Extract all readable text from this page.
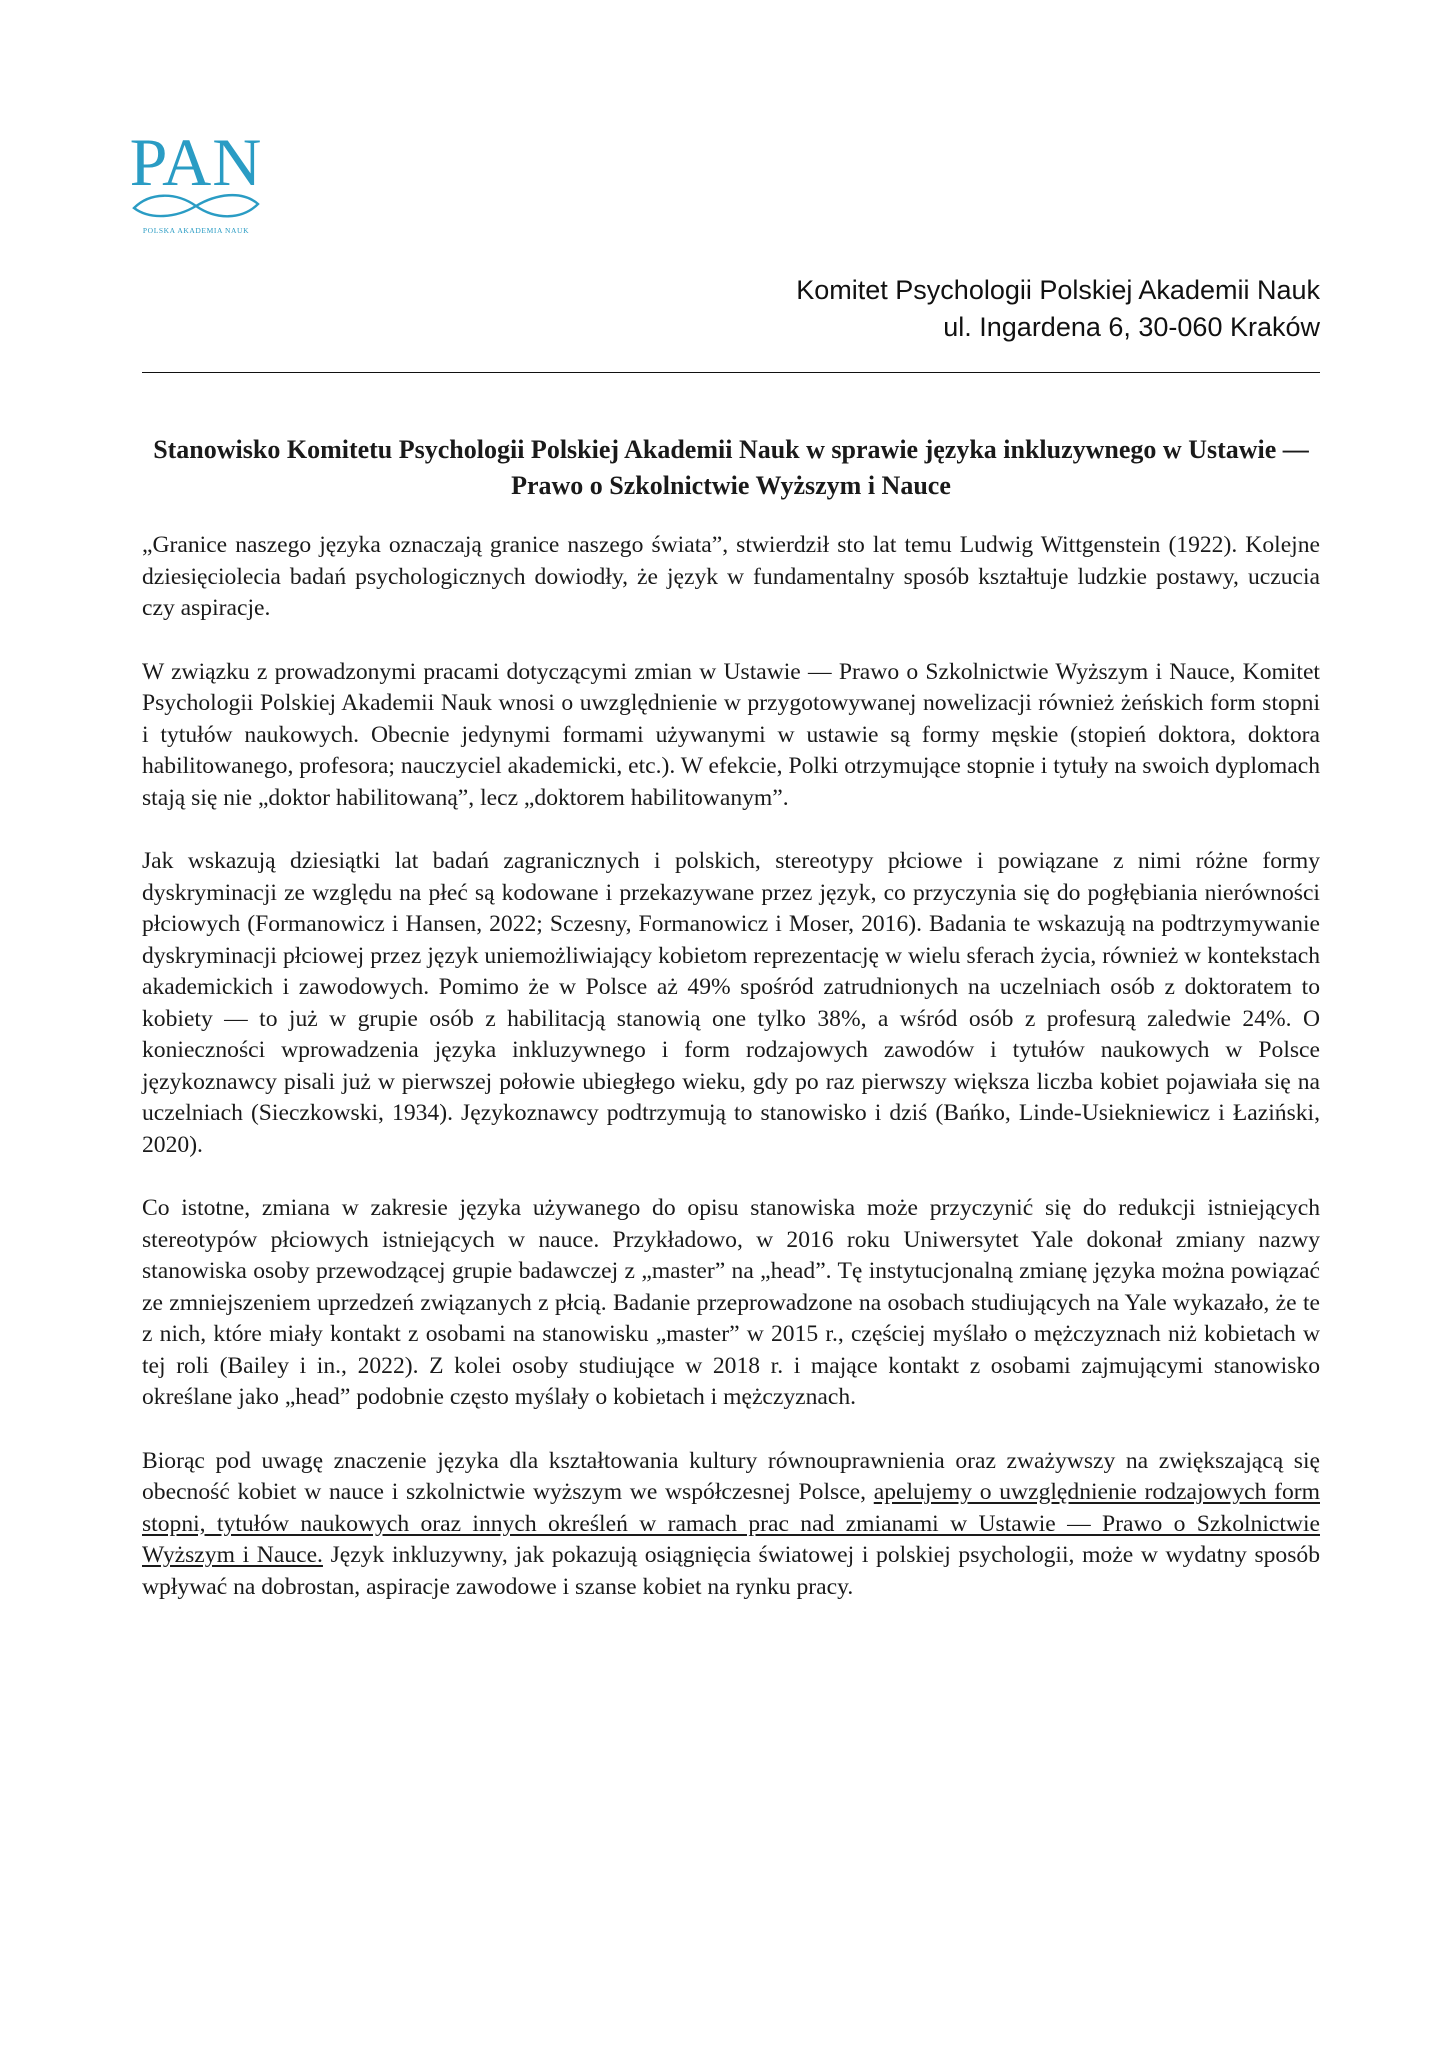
PAN
POLSKA AKADEMIA NAUK
Komitet Psychologii Polskiej Akademii Nauk
ul. Ingardena 6, 30-060 Kraków
Stanowisko Komitetu Psychologii Polskiej Akademii Nauk w sprawie języka inkluzywnego w Ustawie — Prawo o Szkolnictwie Wyższym i Nauce

„Granice naszego języka oznaczają granice naszego świata”, stwierdził sto lat temu Ludwig Wittgenstein (1922). Kolejne dziesięciolecia badań psychologicznych dowiodły, że język w fundamentalny sposób kształtuje ludzkie postawy, uczucia czy aspiracje.

W związku z prowadzonymi pracami dotyczącymi zmian w Ustawie — Prawo o Szkolnictwie Wyższym i Nauce, Komitet Psychologii Polskiej Akademii Nauk wnosi o uwzględnienie w przygotowywanej nowelizacji również żeńskich form stopni i tytułów naukowych. Obecnie jedynymi formami używanymi w ustawie są formy męskie (stopień doktora, doktora habilitowanego, profesora; nauczyciel akademicki, etc.). W efekcie, Polki otrzymujące stopnie i tytuły na swoich dyplomach stają się nie „doktor habilitowaną”, lecz „doktorem habilitowanym”.

Jak wskazują dziesiątki lat badań zagranicznych i polskich, stereotypy płciowe i powiązane z nimi różne formy dyskryminacji ze względu na płeć są kodowane i przekazywane przez język, co przyczynia się do pogłębiania nierówności płciowych (Formanowicz i Hansen, 2022; Sczesny, Formanowicz i Moser, 2016). Badania te wskazują na podtrzymywanie dyskryminacji płciowej przez język uniemożliwiający kobietom reprezentację w wielu sferach życia, również w kontekstach akademickich i zawodowych. Pomimo że w Polsce aż 49% spośród zatrudnionych na uczelniach osób z doktoratem to kobiety — to już w grupie osób z habilitacją stanowią one tylko 38%, a wśród osób z profesurą zaledwie 24%. O konieczności wprowadzenia języka inkluzywnego i form rodzajowych zawodów i tytułów naukowych w Polsce językoznawcy pisali już w pierwszej połowie ubiegłego wieku, gdy po raz pierwszy większa liczba kobiet pojawiała się na uczelniach (Sieczkowski, 1934). Językoznawcy podtrzymują to stanowisko i dziś (Bańko, Linde-Usiekniewicz i Łaziński, 2020).

Co istotne, zmiana w zakresie języka używanego do opisu stanowiska może przyczynić się do redukcji istniejących stereotypów płciowych istniejących w nauce. Przykładowo, w 2016 roku Uniwersytet Yale dokonał zmiany nazwy stanowiska osoby przewodzącej grupie badawczej z „master” na „head”. Tę instytucjonalną zmianę języka można powiązać ze zmniejszeniem uprzedzeń związanych z płcią. Badanie przeprowadzone na osobach studiujących na Yale wykazało, że te z nich, które miały kontakt z osobami na stanowisku „master” w 2015 r., częściej myślało o mężczyznach niż kobietach w tej roli (Bailey i in., 2022). Z kolei osoby studiujące w 2018 r. i mające kontakt z osobami zajmującymi stanowisko określane jako „head” podobnie często myślały o kobietach i mężczyznach.

Biorąc pod uwagę znaczenie języka dla kształtowania kultury równouprawnienia oraz zważywszy na zwiększającą się obecność kobiet w nauce i szkolnictwie wyższym we współczesnej Polsce, apelujemy o uwzględnienie rodzajowych form stopni, tytułów naukowych oraz innych określeń w ramach prac nad zmianami w Ustawie — Prawo o Szkolnictwie Wyższym i Nauce. Język inkluzywny, jak pokazują osiągnięcia światowej i polskiej psychologii, może w wydatny sposób wpływać na dobrostan, aspiracje zawodowe i szanse kobiet na rynku pracy.
